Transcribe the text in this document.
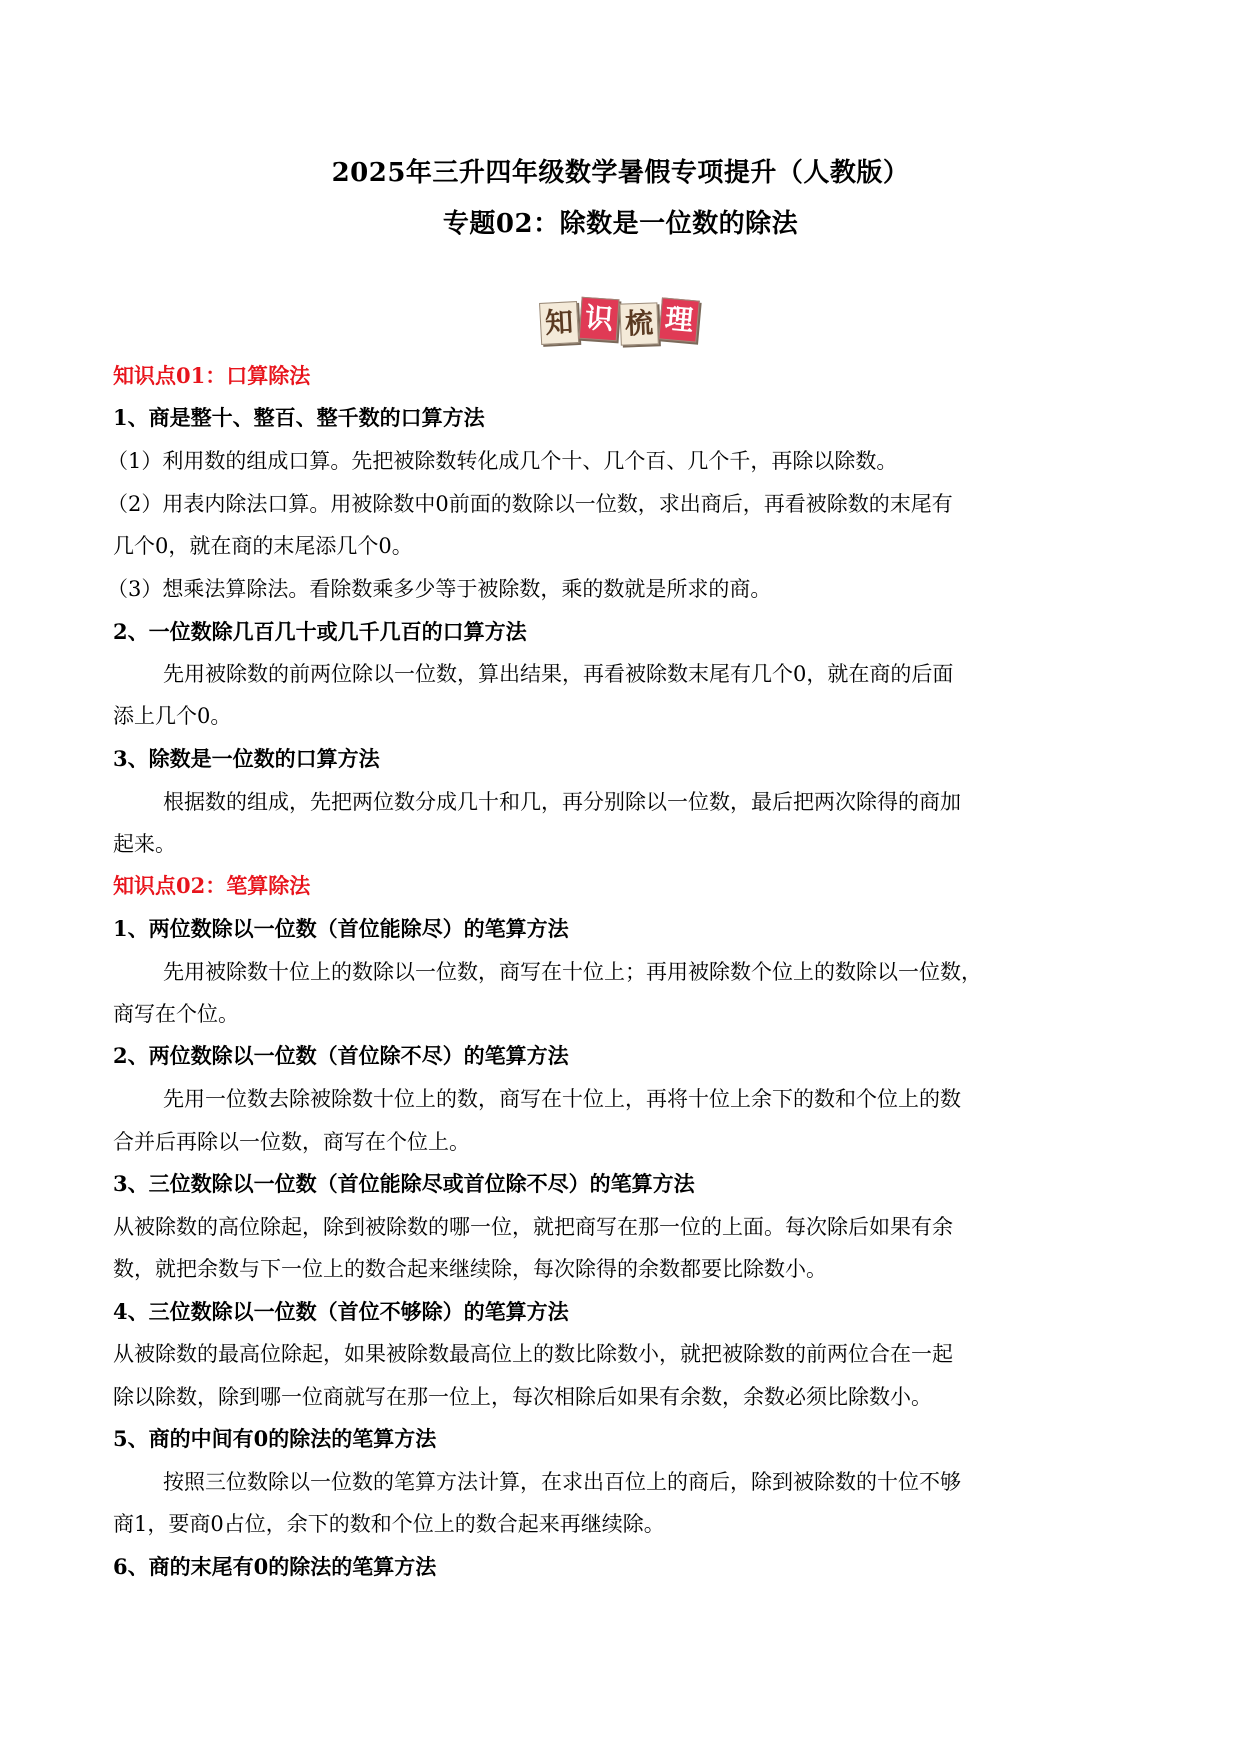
2025年三升四年级数学暑假专项提升（人教版）
专题02：除数是一位数的除法
知 识 梳 理
知识点01：口算除法
1、商是整十、整百、整千数的口算方法
（1）利用数的组成口算。先把被除数转化成几个十、几个百、几个千，再除以除数。
（2）用表内除法口算。用被除数中0前面的数除以一位数，求出商后，再看被除数的末尾有
几个0，就在商的末尾添几个0。
（3）想乘法算除法。看除数乘多少等于被除数，乘的数就是所求的商。
2、一位数除几百几十或几千几百的口算方法
先用被除数的前两位除以一位数，算出结果，再看被除数末尾有几个0，就在商的后面
添上几个0。
3、除数是一位数的口算方法
根据数的组成，先把两位数分成几十和几，再分别除以一位数，最后把两次除得的商加
起来。
知识点02：笔算除法
1、两位数除以一位数（首位能除尽）的笔算方法
先用被除数十位上的数除以一位数，商写在十位上；再用被除数个位上的数除以一位数，
商写在个位。
2、两位数除以一位数（首位除不尽）的笔算方法
先用一位数去除被除数十位上的数，商写在十位上，再将十位上余下的数和个位上的数
合并后再除以一位数，商写在个位上。
3、三位数除以一位数（首位能除尽或首位除不尽）的笔算方法
从被除数的高位除起，除到被除数的哪一位，就把商写在那一位的上面。每次除后如果有余
数，就把余数与下一位上的数合起来继续除，每次除得的余数都要比除数小。
4、三位数除以一位数（首位不够除）的笔算方法
从被除数的最高位除起，如果被除数最高位上的数比除数小，就把被除数的前两位合在一起
除以除数，除到哪一位商就写在那一位上，每次相除后如果有余数，余数必须比除数小。
5、商的中间有0的除法的笔算方法
按照三位数除以一位数的笔算方法计算，在求出百位上的商后，除到被除数的十位不够
商1，要商0占位，余下的数和个位上的数合起来再继续除。
6、商的末尾有0的除法的笔算方法
